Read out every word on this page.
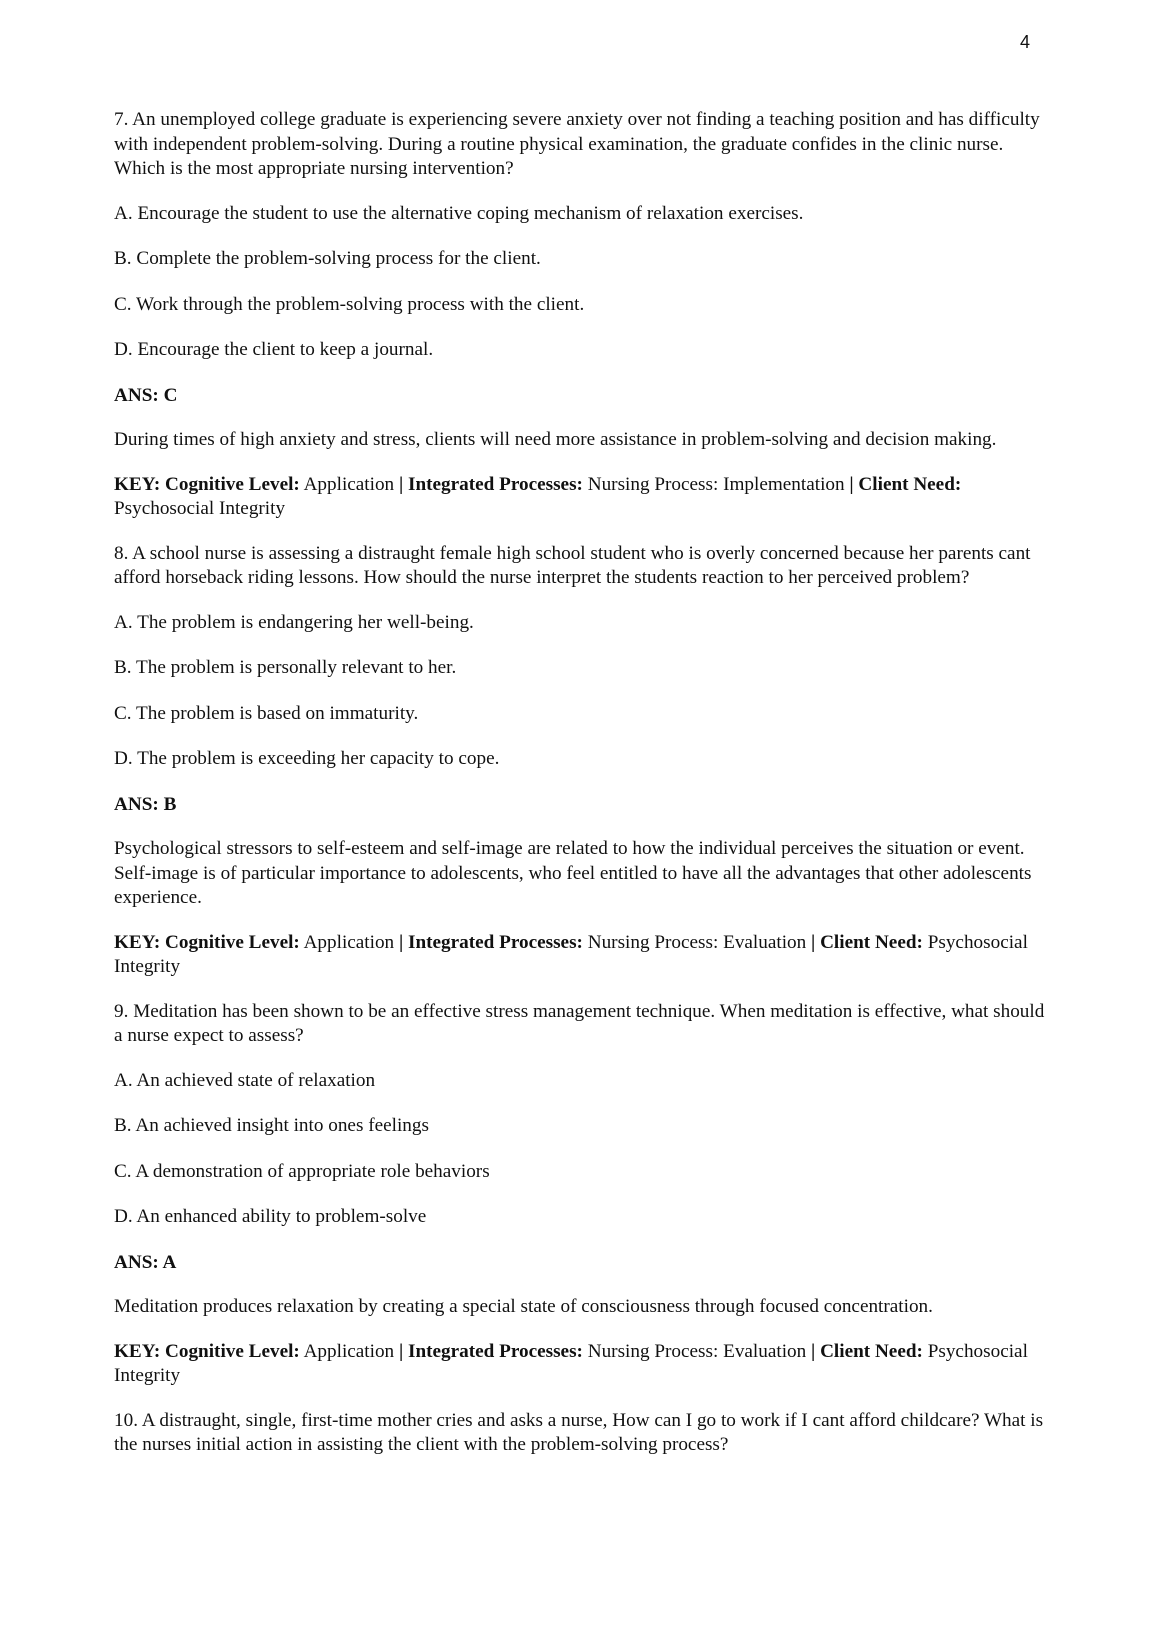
4

7. An unemployed college graduate is experiencing severe anxiety over not finding a teaching position and has difficulty with independent problem-solving. During a routine physical examination, the graduate confides in the clinic nurse. Which is the most appropriate nursing intervention?

A. Encourage the student to use the alternative coping mechanism of relaxation exercises.

B. Complete the problem-solving process for the client.

C. Work through the problem-solving process with the client.

D. Encourage the client to keep a journal.

ANS: C

During times of high anxiety and stress, clients will need more assistance in problem-solving and decision making.

KEY: Cognitive Level: Application | Integrated Processes: Nursing Process: Implementation | Client Need: Psychosocial Integrity

8. A school nurse is assessing a distraught female high school student who is overly concerned because her parents cant afford horseback riding lessons. How should the nurse interpret the students reaction to her perceived problem?

A. The problem is endangering her well-being.

B. The problem is personally relevant to her.

C. The problem is based on immaturity.

D. The problem is exceeding her capacity to cope.

ANS: B

Psychological stressors to self-esteem and self-image are related to how the individual perceives the situation or event. Self-image is of particular importance to adolescents, who feel entitled to have all the advantages that other adolescents experience.

KEY: Cognitive Level: Application | Integrated Processes: Nursing Process: Evaluation | Client Need: Psychosocial Integrity

9. Meditation has been shown to be an effective stress management technique. When meditation is effective, what should a nurse expect to assess?

A. An achieved state of relaxation

B. An achieved insight into ones feelings

C. A demonstration of appropriate role behaviors

D. An enhanced ability to problem-solve

ANS: A

Meditation produces relaxation by creating a special state of consciousness through focused concentration.

KEY: Cognitive Level: Application | Integrated Processes: Nursing Process: Evaluation | Client Need: Psychosocial Integrity

10. A distraught, single, first-time mother cries and asks a nurse, How can I go to work if I cant afford childcare? What is the nurses initial action in assisting the client with the problem-solving process?
